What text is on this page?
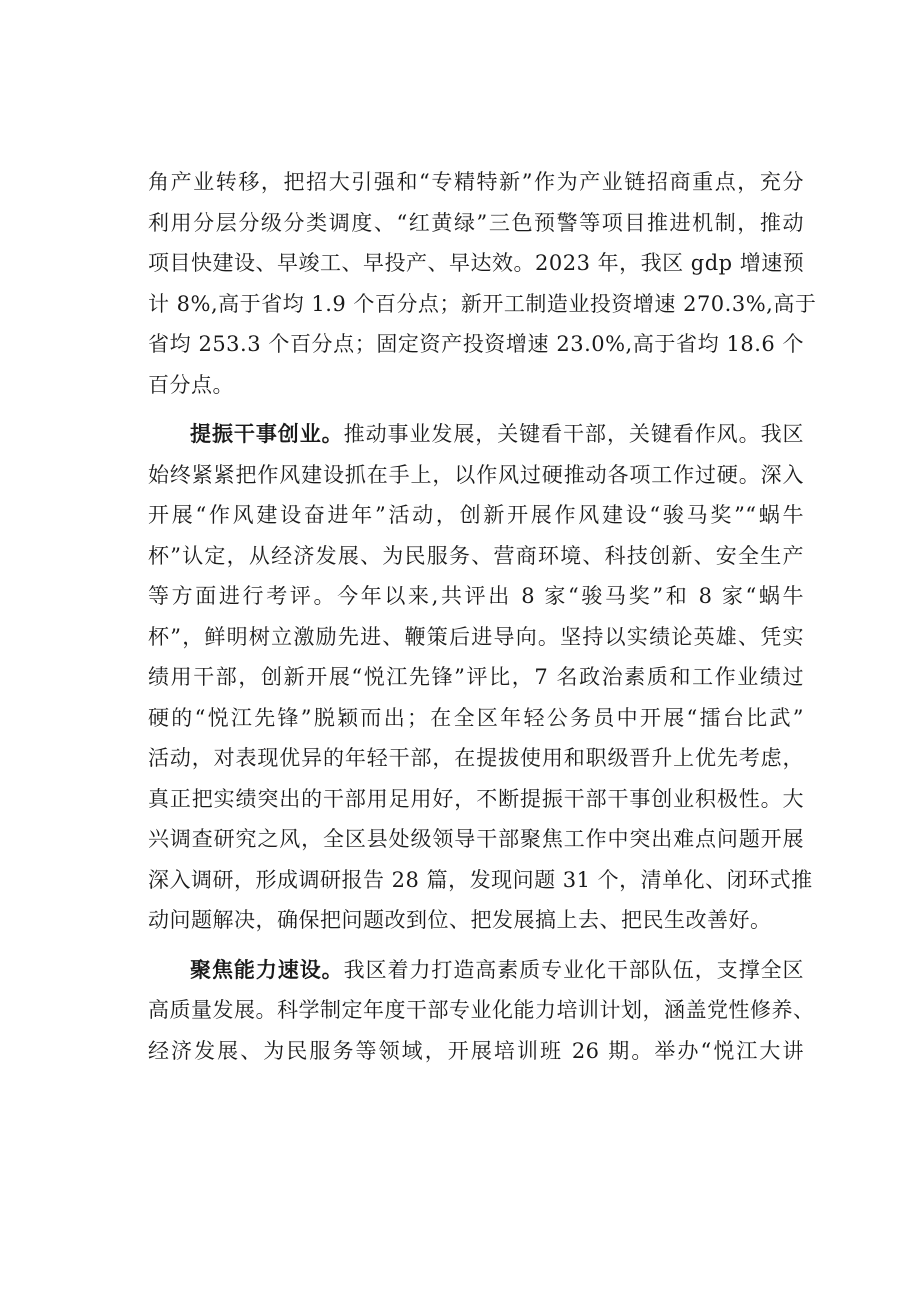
角产业转移，把招大引强和“专精特新”作为产业链招商重点，充分
利用分层分级分类调度、“红黄绿”三色预警等项目推进机制，推动
项目快建设、早竣工、早投产、早达效。2023 年，我区 gdp 增速预
计 8%,高于省均 1.9 个百分点；新开工制造业投资增速 270.3%,高于
省均 253.3 个百分点；固定资产投资增速 23.0%,高于省均 18.6 个
百分点。
提振干事创业。推动事业发展，关键看干部，关键看作风。我区
始终紧紧把作风建设抓在手上，以作风过硬推动各项工作过硬。深入
开展“作风建设奋进年”活动，创新开展作风建设“骏马奖”“蜗牛
杯”认定，从经济发展、为民服务、营商环境、科技创新、安全生产
等方面进行考评。今年以来,共评出 8 家“骏马奖”和 8 家“蜗牛
杯”，鲜明树立激励先进、鞭策后进导向。坚持以实绩论英雄、凭实
绩用干部，创新开展“悦江先锋”评比，7 名政治素质和工作业绩过
硬的“悦江先锋”脱颖而出；在全区年轻公务员中开展“擂台比武”
活动，对表现优异的年轻干部，在提拔使用和职级晋升上优先考虑，
真正把实绩突出的干部用足用好，不断提振干部干事创业积极性。大
兴调查研究之风，全区县处级领导干部聚焦工作中突出难点问题开展
深入调研，形成调研报告 28 篇，发现问题 31 个，清单化、闭环式推
动问题解决，确保把问题改到位、把发展搞上去、把民生改善好。
聚焦能力速设。我区着力打造高素质专业化干部队伍，支撑全区
高质量发展。科学制定年度干部专业化能力培训计划，涵盖党性修养、
经济发展、为民服务等领域，开展培训班 26 期。举办“悦江大讲
